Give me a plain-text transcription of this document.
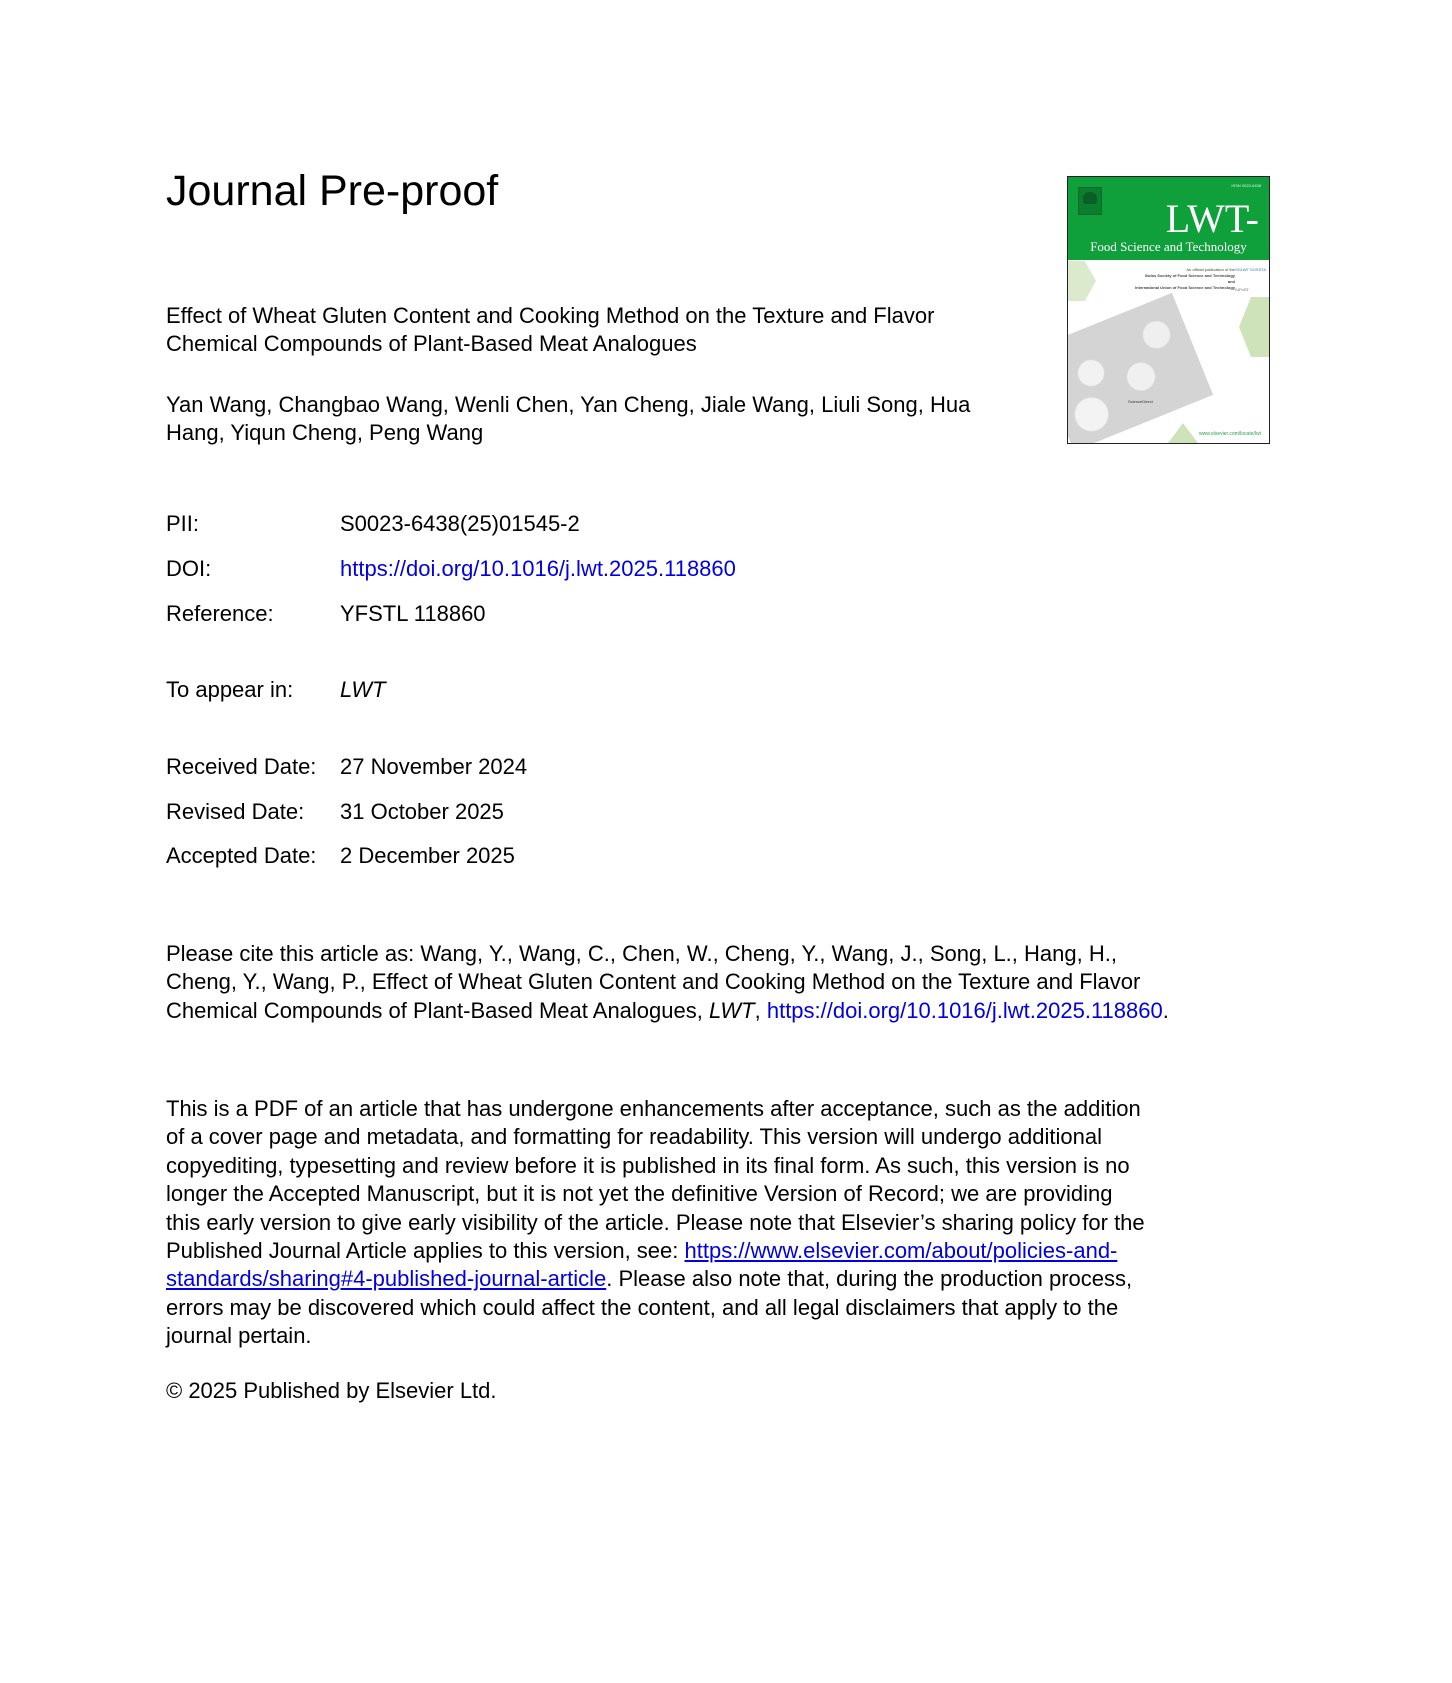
Journal Pre-proof
Effect of Wheat Gluten Content and Cooking Method on the Texture and Flavor
Chemical Compounds of Plant-Based Meat Analogues
Yan Wang, Changbao Wang, Wenli Chen, Yan Cheng, Jiale Wang, Liuli Song, Hua
Hang, Yiqun Cheng, Peng Wang
ISSN 0023-6438
LWT-
Food Science and Technology
An official publication of the
Swiss Society of Food Science and Technology
and
International Union of Food Science and Technology
SGLWT SOSSTA
IUFoST
ScienceDirect
www.elsevier.com/locate/lwt
PII:	S0023-6438(25)01545-2
DOI:	https://doi.org/10.1016/j.lwt.2025.118860
Reference:	YFSTL 118860
To appear in: LWT
Received Date: 27 November 2024
Revised Date: 31 October 2025
Accepted Date: 2 December 2025
Please cite this article as: Wang, Y., Wang, C., Chen, W., Cheng, Y., Wang, J., Song, L., Hang, H.,
Cheng, Y., Wang, P., Effect of Wheat Gluten Content and Cooking Method on the Texture and Flavor
Chemical Compounds of Plant-Based Meat Analogues, LWT, https://doi.org/10.1016/j.lwt.2025.118860.
This is a PDF of an article that has undergone enhancements after acceptance, such as the addition
of a cover page and metadata, and formatting for readability. This version will undergo additional
copyediting, typesetting and review before it is published in its final form. As such, this version is no
longer the Accepted Manuscript, but it is not yet the definitive Version of Record; we are providing
this early version to give early visibility of the article. Please note that Elsevier’s sharing policy for the
Published Journal Article applies to this version, see: https://www.elsevier.com/about/policies-and-
standards/sharing#4-published-journal-article. Please also note that, during the production process,
errors may be discovered which could affect the content, and all legal disclaimers that apply to the
journal pertain.
© 2025 Published by Elsevier Ltd.
